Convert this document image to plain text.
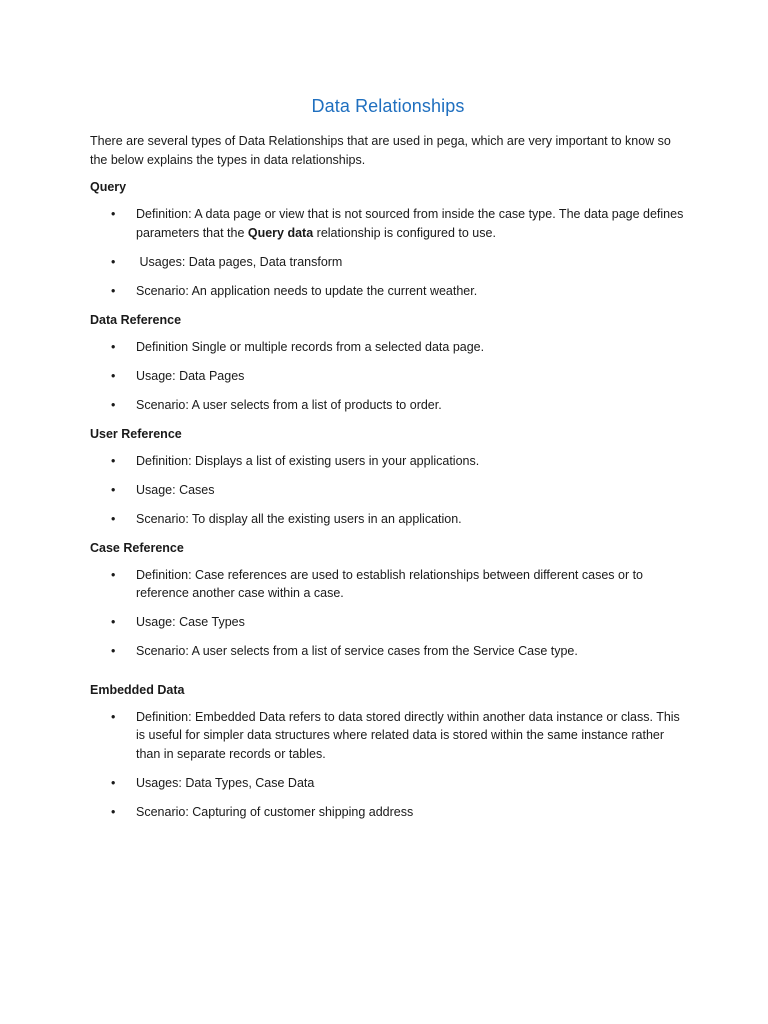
Data Relationships

There are several types of Data Relationships that are used in pega, which are very important to know so the below explains the types in data relationships.

Query
• Definition: A data page or view that is not sourced from inside the case type. The data page defines parameters that the Query data relationship is configured to use.
• Usages: Data pages, Data transform
• Scenario: An application needs to update the current weather.
Data Reference
• Definition Single or multiple records from a selected data page.
• Usage: Data Pages
• Scenario: A user selects from a list of products to order.
User Reference
• Definition: Displays a list of existing users in your applications.
• Usage: Cases
• Scenario: To display all the existing users in an application.
Case Reference
• Definition: Case references are used to establish relationships between different cases or to reference another case within a case.
• Usage: Case Types
• Scenario: A user selects from a list of service cases from the Service Case type.
Embedded Data
• Definition: Embedded Data refers to data stored directly within another data instance or class. This is useful for simpler data structures where related data is stored within the same instance rather than in separate records or tables.
• Usages: Data Types, Case Data
• Scenario: Capturing of customer shipping address
